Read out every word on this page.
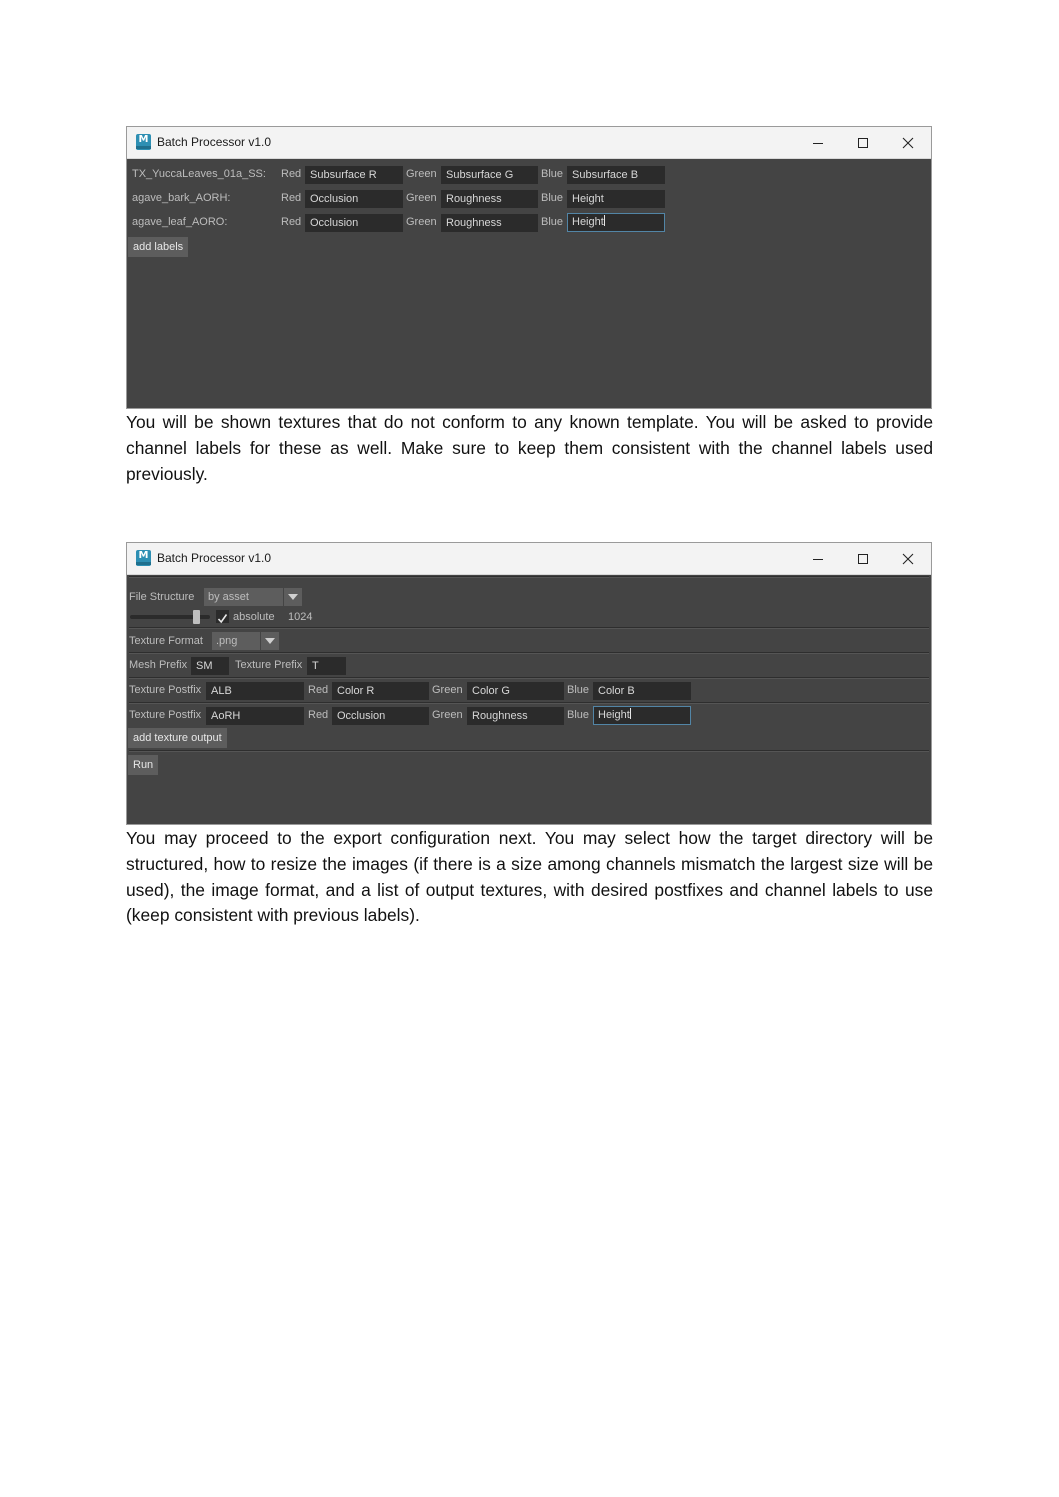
M Batch Processor v1.0
TX_YuccaLeaves_01a_SS: Red Subsurface R	Green Subsurface G	Blue Subsurface B
agave_bark_AORH:	Red Occlusion	Green Roughness	Blue Height
agave_leaf_AORO:	Red Occlusion	Green Roughness	Blue Height
add labels

You will be shown textures that do not conform to any known template. You will be asked to provide channel labels for these as well. Make sure to keep them consistent with the channel labels used previously.

M Batch Processor v1.0
File Structure	by asset
absolute 1024
Texture Format	.png
Mesh Prefix SM	Texture Prefix T
Texture Postfix ALB	Red Color R	Green Color G	Blue Color B
Texture Postfix AoRH	Red Occlusion	Green Roughness	Blue Height
add texture output
Run

You may proceed to the export configuration next. You may select how the target directory will be structured, how to resize the images (if there is a size among channels mismatch the largest size will be used), the image format, and a list of output textures, with desired postfixes and channel labels to use (keep consistent with previous labels).
